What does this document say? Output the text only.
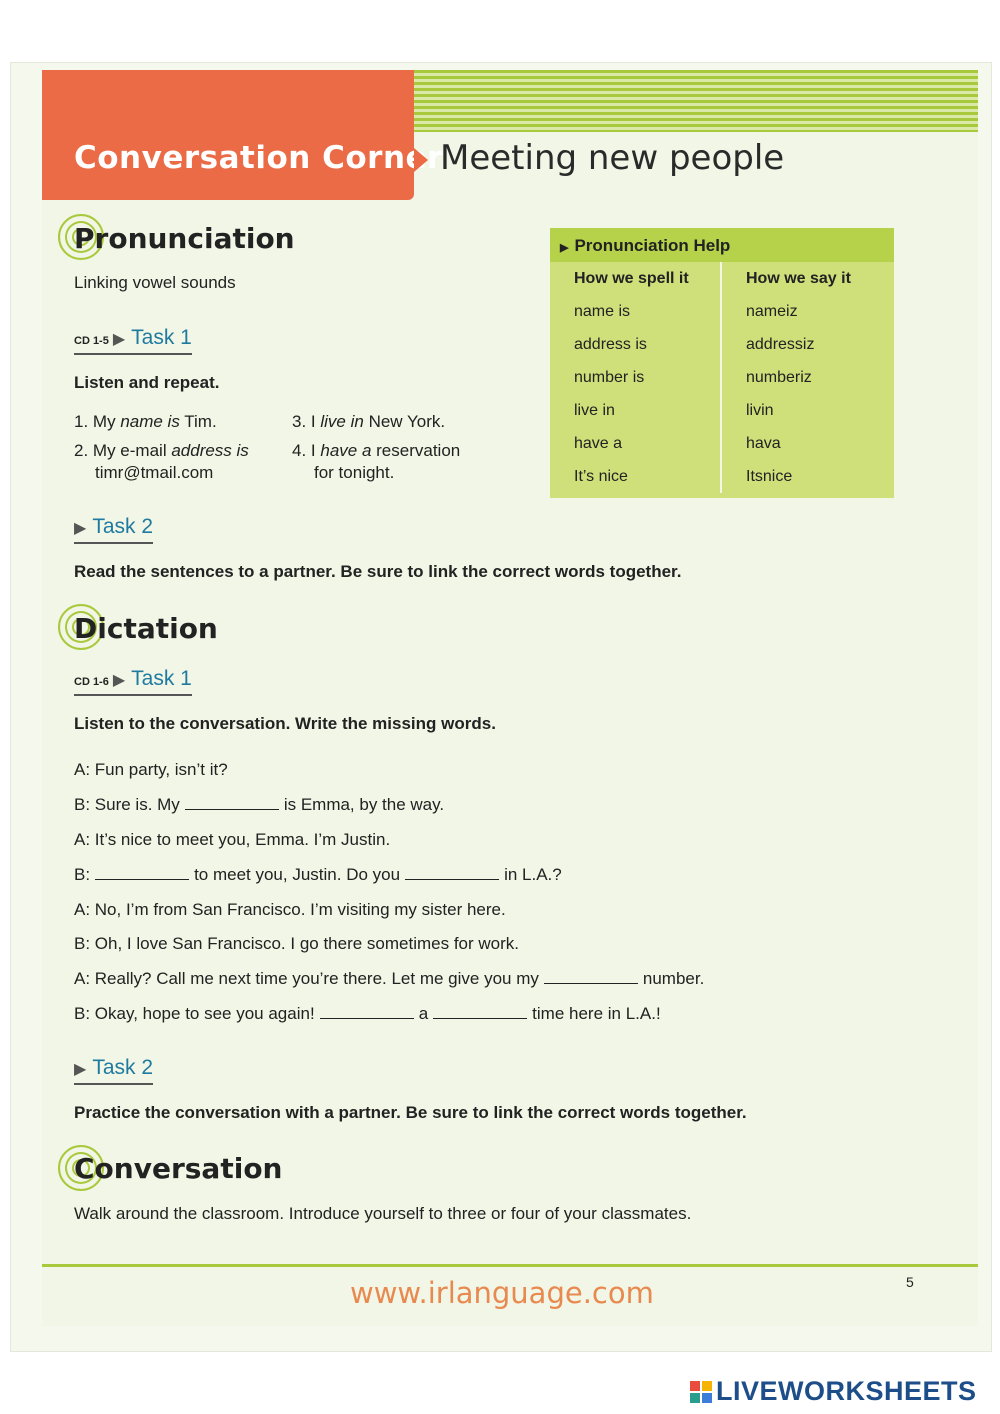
Conversation Corner
Meeting new people
Pronunciation
Linking vowel sounds
CD 1-5 ▶ Task 1
Listen and repeat.
1. My name is Tim.
2. My e-mail address is
timr@tmail.com
3. I live in New York.
4. I have a reservation
for tonight.
▶ Task 2
Read the sentences to a partner. Be sure to link the correct words together.
▶ Pronunciation Help
How we spell it	How we say it
name is	nameiz
address is	addressiz
number is	numberiz
live in	livin
have a	hava
It’s nice	Itsnice
Dictation
CD 1-6 ▶ Task 1
Listen to the conversation. Write the missing words.
A: Fun party, isn’t it?
B: Sure is. My	is Emma, by the way.
A: It’s nice to meet you, Emma. I’m Justin.
B:	to meet you, Justin. Do you	in L.A.?
A: No, I’m from San Francisco. I’m visiting my sister here.
B: Oh, I love San Francisco. I go there sometimes for work.
A: Really? Call me next time you’re there. Let me give you my	number.
B: Okay, hope to see you again!	a	time here in L.A.!
▶ Task 2
Practice the conversation with a partner. Be sure to link the correct words together.
Conversation
Walk around the classroom. Introduce yourself to three or four of your classmates.
5
www.irlanguage.com
LIVEWORKSHEETS
